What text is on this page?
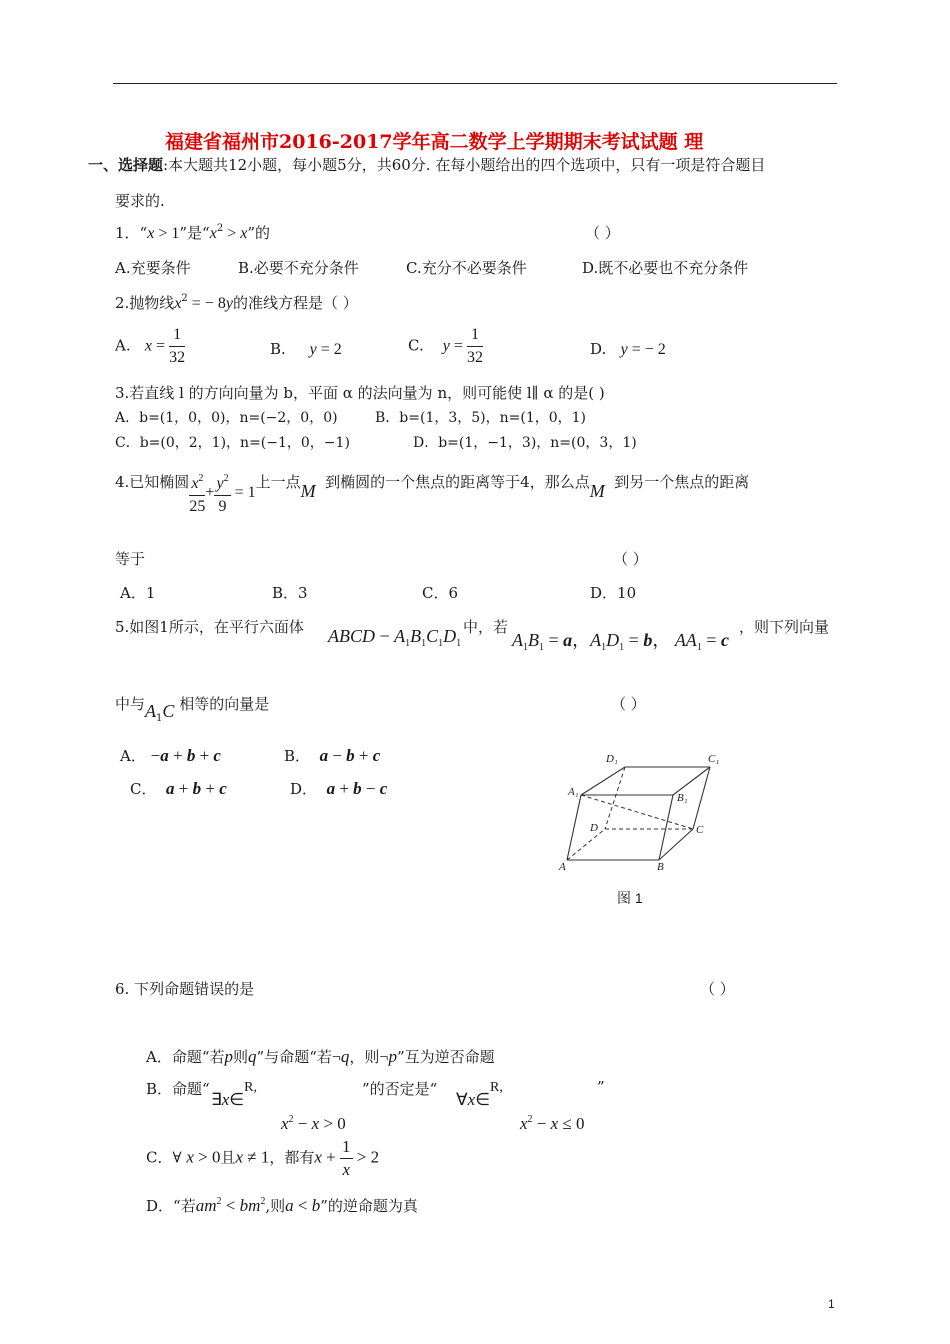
福建省福州市2016-2017学年高二数学上学期期末考试试题 理
一、选择题:本大题共12小题，每小题5分，共60分. 在每小题给出的四个选项中，只有一项是符合题目
要求的.
1．“x > 1”是“$x^2 > x$”的	（ ）
A.充要条件	B.必要不充分条件	C.充分不必要条件	D.既不必要也不充分条件
2.抛物线$x^2$ = − 8y的准线方程是（ ）
A. $x = \frac{1}{32}$	B. y = 2	C. $y = \frac{1}{32}$	D. y = − 2
3.若直线 l 的方向向量为 b，平面 α 的法向量为 n，则可能使 l∥ α 的是( )
A．b=(1，0，0)，n=(−2，0，0)	B．b=(1，3，5)，n=(1，0，1)
C．b=(0，2，1)，n=(−1，0，−1)	D．b=(1，−1，3)，n=(0，3，1)
4.已知椭圆 $\frac{x^2}{25} + \frac{y^2}{9} = 1$上一点M 到椭圆的一个焦点的距离等于4，那么点M 到另一个焦点的距离
等于	（ ）
A．1	B．3	C．6	D．10
5.如图1所示，在平行六面体 ABCD − $A_1B_1C_1D_1$
中，若
$A_1B_1 = a$，$A_1D_1 = b$， $AA_1 = c$
，则下列向量
中与$A_1C$ 相等的向量是	（ ）
A． −a + b + c	B． a − b + c
C． a + b + c	D． a + b − c
D₁	C₁
A₁	B₁
D	C
A	B
图 1
6. 下列命题错误的是	（ ）
A．命题“若p则q”与命题“若¬q，则¬p”互为逆否命题
B．命题“
∃x∈$^{R,}$
$x^2 - x > 0$
”的否定是“
∀x∈$^{R,}$
$x^2 - x \le 0$
”
C．∀ x > 0且x ≠ 1，都有$x + \frac{1}{x} > 2$
D．“若$am^2 < bm^2$,则a < b”的逆命题为真
1
